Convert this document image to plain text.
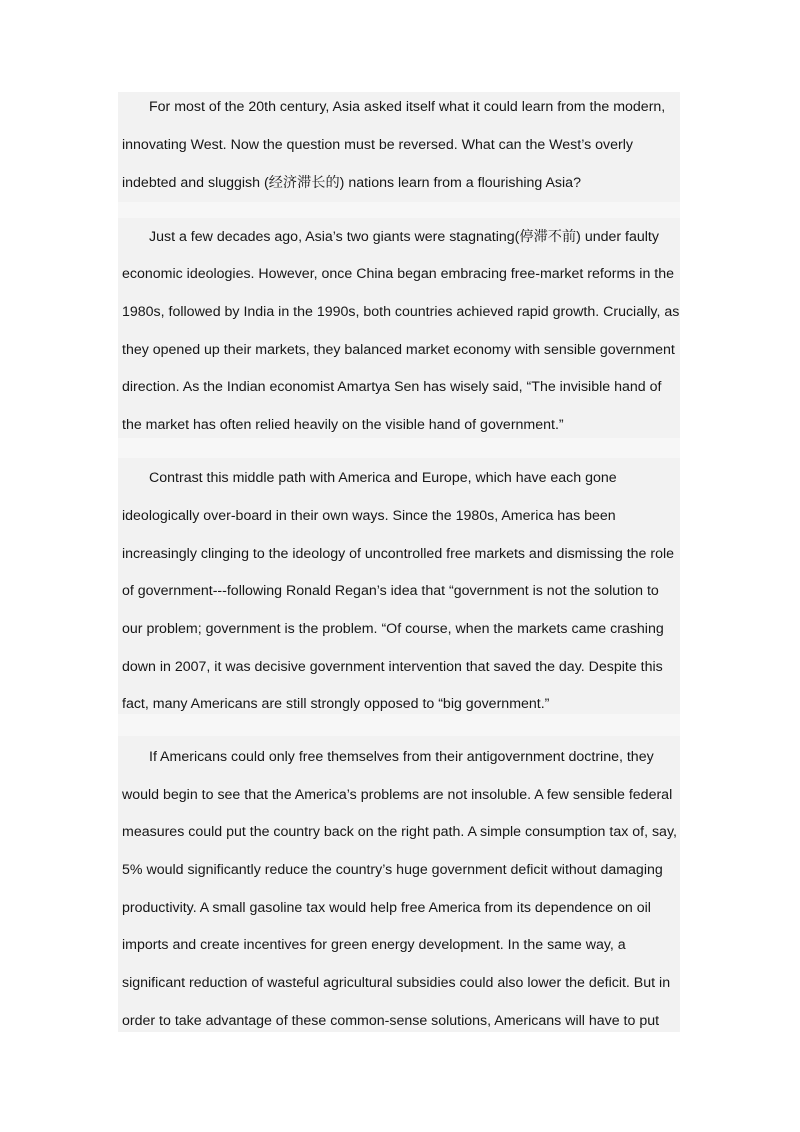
For most of the 20th century, Asia asked itself what it could learn from the modern,
innovating West. Now the question must be reversed. What can the West’s overly
indebted and sluggish (经济滞长的) nations learn from a flourishing Asia?
Just a few decades ago, Asia’s two giants were stagnating(停滞不前) under faulty
economic ideologies. However, once China began embracing free-market reforms in the
1980s, followed by India in the 1990s, both countries achieved rapid growth. Crucially, as
they opened up their markets, they balanced market economy with sensible government
direction. As the Indian economist Amartya Sen has wisely said, “The invisible hand of
the market has often relied heavily on the visible hand of government.”
Contrast this middle path with America and Europe, which have each gone
ideologically over-board in their own ways. Since the 1980s, America has been
increasingly clinging to the ideology of uncontrolled free markets and dismissing the role
of government---following Ronald Regan’s idea that “government is not the solution to
our problem; government is the problem. “Of course, when the markets came crashing
down in 2007, it was decisive government intervention that saved the day. Despite this
fact, many Americans are still strongly opposed to “big government.”
If Americans could only free themselves from their antigovernment doctrine, they
would begin to see that the America’s problems are not insoluble. A few sensible federal
measures could put the country back on the right path. A simple consumption tax of, say,
5% would significantly reduce the country’s huge government deficit without damaging
productivity. A small gasoline tax would help free America from its dependence on oil
imports and create incentives for green energy development. In the same way, a
significant reduction of wasteful agricultural subsidies could also lower the deficit. But in
order to take advantage of these common-sense solutions, Americans will have to put
